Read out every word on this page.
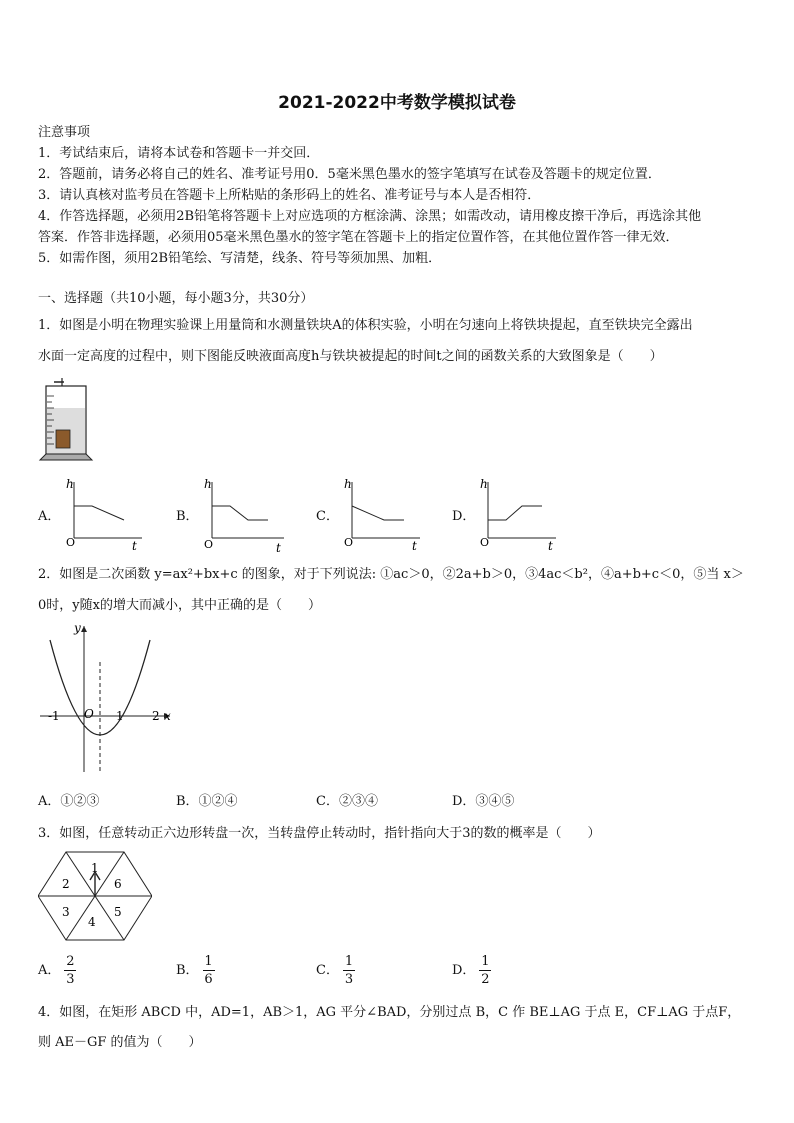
2021-2022中考数学模拟试卷
注意事项
1．考试结束后，请将本试卷和答题卡一并交回．
2．答题前，请务必将自己的姓名、准考证号用0．5毫米黑色墨水的签字笔填写在试卷及答题卡的规定位置．
3．请认真核对监考员在答题卡上所粘贴的条形码上的姓名、准考证号与本人是否相符．
4．作答选择题，必须用2B铅笔将答题卡上对应选项的方框涂满、涂黑；如需改动，请用橡皮擦干净后，再选涂其他
答案．作答非选择题，必须用05毫米黑色墨水的签字笔在答题卡上的指定位置作答，在其他位置作答一律无效．
5．如需作图，须用2B铅笔绘、写清楚，线条、符号等须加黑、加粗．
一、选择题（共10小题，每小题3分，共30分）
1．如图是小明在物理实验课上用量筒和水测量铁块A的体积实验，小明在匀速向上将铁块提起，直至铁块完全露出
水面一定高度的过程中，则下图能反映液面高度h与铁块被提起的时间t之间的函数关系的大致图象是（　　）
A．
h
t
O
B．
h
t
O
C．
h
t
O
D．
h
t
O
2．如图是二次函数 y=ax²+bx+c 的图象，对于下列说法: ①ac＞0，②2a+b＞0，③4ac＜b²，④a+b+c＜0，⑤当 x＞
0时，y随x的增大而减小，其中正确的是（　　）
y
x
O
-1	1 2
A．①②③	B．①②④	C．②③④	D．③④⑤
3．如图，任意转动正六边形转盘一次，当转盘停止转动时，指针指向大于3的数的概率是（　　）
1
6
5
4
3
2
A． $\frac{2}{3}$	B． $\frac{1}{6}$	C． $\frac{1}{3}$	D． $\frac{1}{2}$
4．如图，在矩形 ABCD 中，AD=1，AB＞1，AG 平分∠BAD，分别过点 B，C 作 BE⊥AG 于点 E，CF⊥AG 于点F，
则 AE－GF 的值为（　　）
